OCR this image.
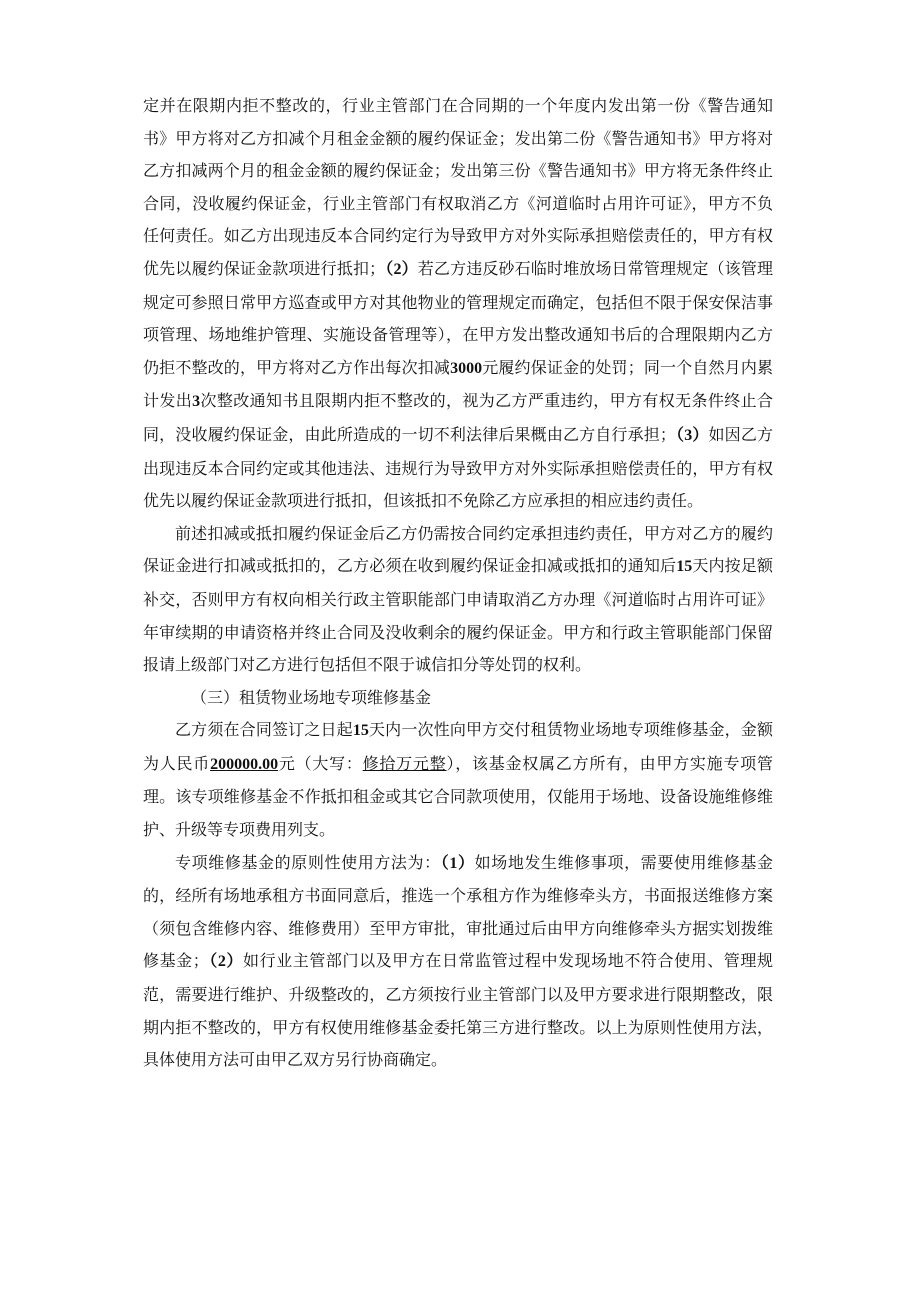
定并在限期内拒不整改的，行业主管部门在合同期的一个年度内发出第一份《警告通知书》甲方将对乙方扣减个月租金金额的履约保证金；发出第二份《警告通知书》甲方将对乙方扣减两个月的租金金额的履约保证金；发出第三份《警告通知书》甲方将无条件终止合同，没收履约保证金，行业主管部门有权取消乙方《河道临时占用许可证》，甲方不负任何责任。如乙方出现违反本合同约定行为导致甲方对外实际承担赔偿责任的，甲方有权优先以履约保证金款项进行抵扣；（2）若乙方违反砂石临时堆放场日常管理规定（该管理规定可参照日常甲方巡查或甲方对其他物业的管理规定而确定，包括但不限于保安保洁事项管理、场地维护管理、实施设备管理等），在甲方发出整改通知书后的合理限期内乙方仍拒不整改的，甲方将对乙方作出每次扣减3000元履约保证金的处罚；同一个自然月内累计发出3次整改通知书且限期内拒不整改的，视为乙方严重违约，甲方有权无条件终止合同，没收履约保证金，由此所造成的一切不利法律后果概由乙方自行承担；（3）如因乙方出现违反本合同约定或其他违法、违规行为导致甲方对外实际承担赔偿责任的，甲方有权优先以履约保证金款项进行抵扣，但该抵扣不免除乙方应承担的相应违约责任。

前述扣减或抵扣履约保证金后乙方仍需按合同约定承担违约责任，甲方对乙方的履约保证金进行扣减或抵扣的，乙方必须在收到履约保证金扣减或抵扣的通知后15天内按足额补交，否则甲方有权向相关行政主管职能部门申请取消乙方办理《河道临时占用许可证》年审续期的申请资格并终止合同及没收剩余的履约保证金。甲方和行政主管职能部门保留报请上级部门对乙方进行包括但不限于诚信扣分等处罚的权利。

（三）租赁物业场地专项维修基金

乙方须在合同签订之日起15天内一次性向甲方交付租赁物业场地专项维修基金，金额为人民币200000.00元（大写：修拾万元整），该基金权属乙方所有，由甲方实施专项管理。该专项维修基金不作抵扣租金或其它合同款项使用，仅能用于场地、设备设施维修维护、升级等专项费用列支。

专项维修基金的原则性使用方法为：（1）如场地发生维修事项，需要使用维修基金的，经所有场地承租方书面同意后，推选一个承租方作为维修牵头方，书面报送维修方案（须包含维修内容、维修费用）至甲方审批，审批通过后由甲方向维修牵头方据实划拨维修基金；（2）如行业主管部门以及甲方在日常监管过程中发现场地不符合使用、管理规范，需要进行维护、升级整改的，乙方须按行业主管部门以及甲方要求进行限期整改，限期内拒不整改的，甲方有权使用维修基金委托第三方进行整改。以上为原则性使用方法，具体使用方法可由甲乙双方另行协商确定。
